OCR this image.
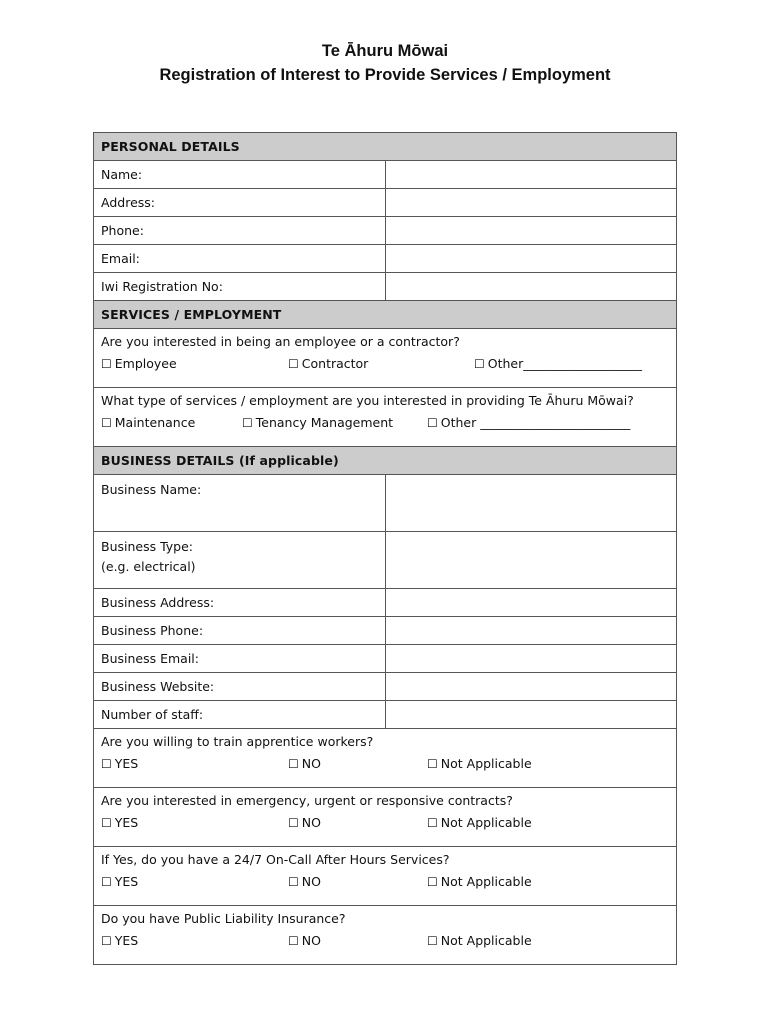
Te Āhuru Mōwai
Registration of Interest to Provide Services / Employment
PERSONAL DETAILS	
Name:	
Address:	
Phone:	
Email:	
Iwi Registration No:	
SERVICES / EMPLOYMENT	

Are you interested in being an employee or a contractor?
☐ Employee ☐ Contractor ☐ Other___________________	

What type of services / employment are you interested in providing Te Āhuru Mōwai?
☐ Maintenance ☐ Tenancy Management ☐ Other ________________________	

BUSINESS DETAILS (If applicable)	
Business Name:	

Business Type:
(e.g. electrical)	

Business Address:	
Business Phone:	
Business Email:	
Business Website:	
Number of staff:	

Are you willing to train apprentice workers?
☐ YES ☐ NO ☐ Not Applicable	

Are you interested in emergency, urgent or responsive contracts?
☐ YES ☐ NO ☐ Not Applicable	

If Yes, do you have a 24/7 On-Call After Hours Services?
☐ YES ☐ NO ☐ Not Applicable	

Do you have Public Liability Insurance?
☐ YES ☐ NO ☐ Not Applicable	
